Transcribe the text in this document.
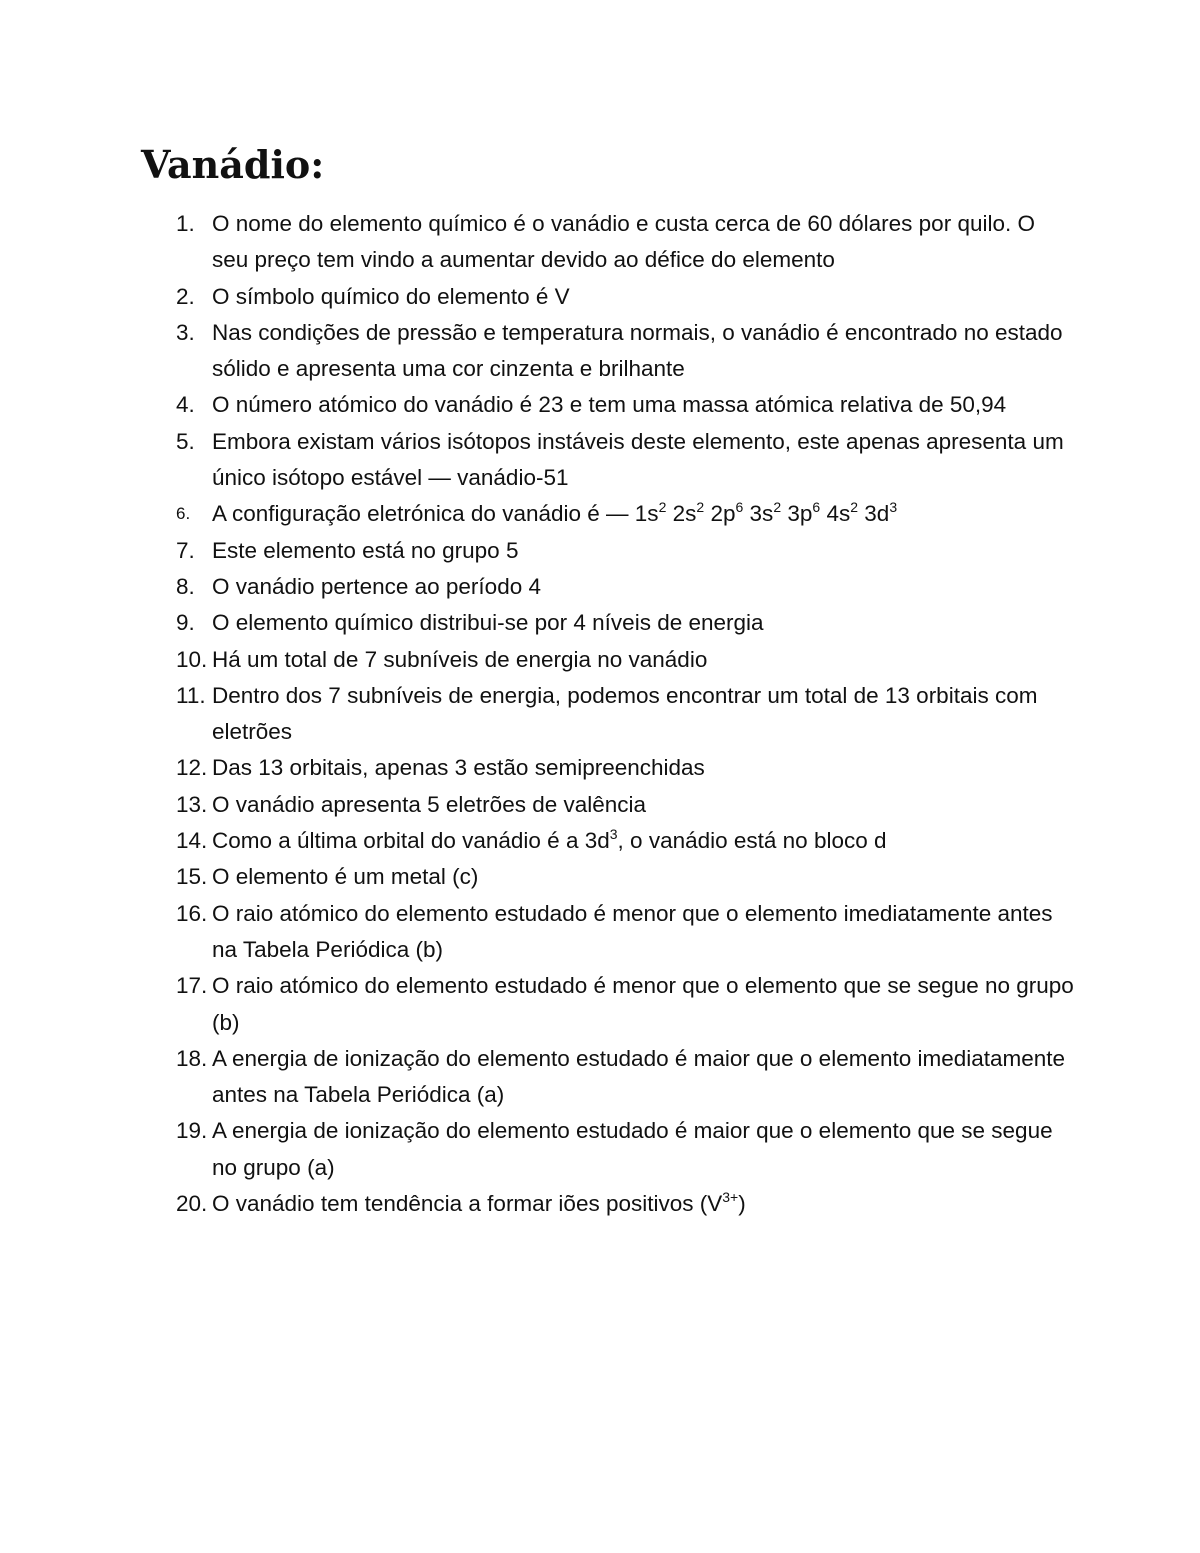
Vanádio:
1. O nome do elemento químico é o vanádio e custa cerca de 60 dólares por quilo. O seu preço tem vindo a aumentar devido ao défice do elemento
2. O símbolo químico do elemento é V
3. Nas condições de pressão e temperatura normais, o vanádio é encontrado no estado sólido e apresenta uma cor cinzenta e brilhante
4. O número atómico do vanádio é 23 e tem uma massa atómica relativa de 50,94
5. Embora existam vários isótopos instáveis deste elemento, este apenas apresenta um único isótopo estável — vanádio-51
6. A configuração eletrónica do vanádio é — $1s^2$ $2s^2$ $2p^6$ $3s^2$ $3p^6$ $4s^2$ $3d^3$
7. Este elemento está no grupo 5
8. O vanádio pertence ao período 4
9. O elemento químico distribui-se por 4 níveis de energia
10. Há um total de 7 subníveis de energia no vanádio
11. Dentro dos 7 subníveis de energia, podemos encontrar um total de 13 orbitais com eletrões
12. Das 13 orbitais, apenas 3 estão semipreenchidas
13. O vanádio apresenta 5 eletrões de valência
14. Como a última orbital do vanádio é a $3d^3$, o vanádio está no bloco d
15. O elemento é um metal (c)
16. O raio atómico do elemento estudado é menor que o elemento imediatamente antes na Tabela Periódica (b)
17. O raio atómico do elemento estudado é menor que o elemento que se segue no grupo (b)
18. A energia de ionização do elemento estudado é maior que o elemento imediatamente antes na Tabela Periódica (a)
19. A energia de ionização do elemento estudado é maior que o elemento que se segue no grupo (a)
20. O vanádio tem tendência a formar iões positivos $(V^{3+})$
